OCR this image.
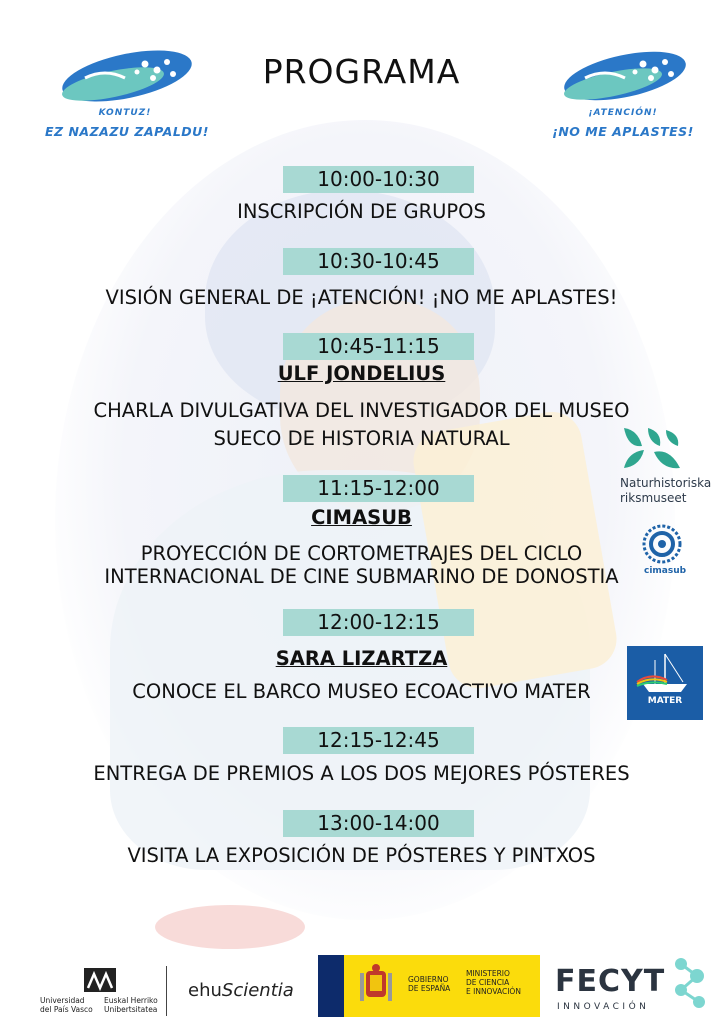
KONTUZ!
EZ NAZAZU ZAPALDU!
PROGRAMA
¡ATENCIÓN!
¡NO ME APLASTES!
10:00-10:30
INSCRIPCIÓN DE GRUPOS
10:30-10:45
VISIÓN GENERAL DE ¡ATENCIÓN! ¡NO ME APLASTES!
10:45-11:15
ULF JONDELIUS
CHARLA DIVULGATIVA DEL INVESTIGADOR DEL MUSEO
SUECO DE HISTORIA NATURAL
11:15-12:00
CIMASUB
PROYECCIÓN DE CORTOMETRAJES DEL CICLO
INTERNACIONAL DE CINE SUBMARINO DE DONOSTIA
12:00-12:15
SARA LIZARTZA
CONOCE EL BARCO MUSEO ECOACTIVO MATER
12:15-12:45
ENTREGA DE PREMIOS A LOS DOS MEJORES PÓSTERES
13:00-14:00
VISITA LA EXPOSICIÓN DE PÓSTERES Y PINTXOS
Naturhistoriska
riksmuseet
cimasub
MATER
Universidad
del País Vasco
Euskal Herriko
Unibertsitatea
ehuScientia
GOBIERNO
DE ESPAÑA
MINISTERIO
DE CIENCIA
E INNOVACIÓN FECYT
INNOVACIÓN
